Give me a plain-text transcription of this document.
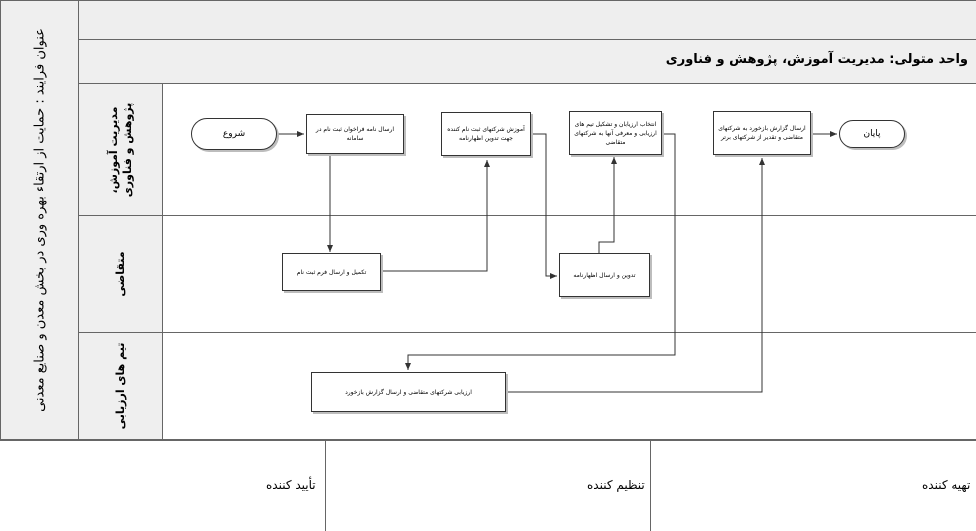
عنوان فرایند : حمایت از ارتقاء بهره وری در بخش معدن و صنایع معدنی	واحد متولی: مدیریت آموزش، پژوهش و فناوری
مدیریت آموزش، پژوهش و فناوری
متقاضی
تیم های ارزیابی
شروع	ارسال نامه فراخوان ثبت نام در سامانه
آموزش شرکتهای ثبت نام کننده جهت تدوین اظهارنامه
انتخاب ارزیابان و تشکیل تیم های ارزیابی و معرفی آنها به شرکتهای متقاضی
ارسال گزارش بازخورد به شرکتهای متقاضی و تقدیر از شرکتهای برتر	پایان
تکمیل و ارسال فرم ثبت نام	تدوین و ارسال اظهارنامه
ارزیابی شرکتهای متقاضی و ارسال گزارش بازخورد
تأیید کننده	تنظیم کننده	تهیه کننده
